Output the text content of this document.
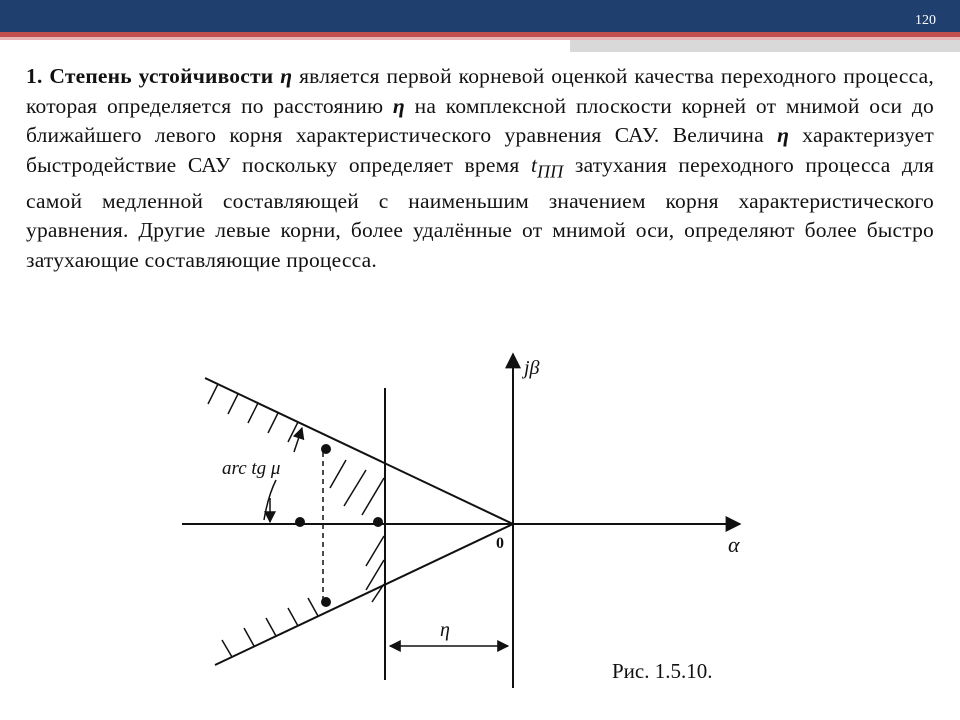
120
1. Степень устойчивости η является первой корневой оценкой качества переходного процесса, которая определяется по расстоянию η на комплексной плоскости корней от мнимой оси до ближайшего левого корня характеристического уравнения САУ. Величина η характеризует быстродействие САУ поскольку определяет время $t_{ПП}$ затухания переходного процесса для самой медленной составляющей с наименьшим значением корня характеристического уравнения. Другие левые корни, более удалённые от мнимой оси, определяют более быстро затухающие составляющие процесса.
jβ
α
0
arc tg μ
η
Рис. 1.5.10.
